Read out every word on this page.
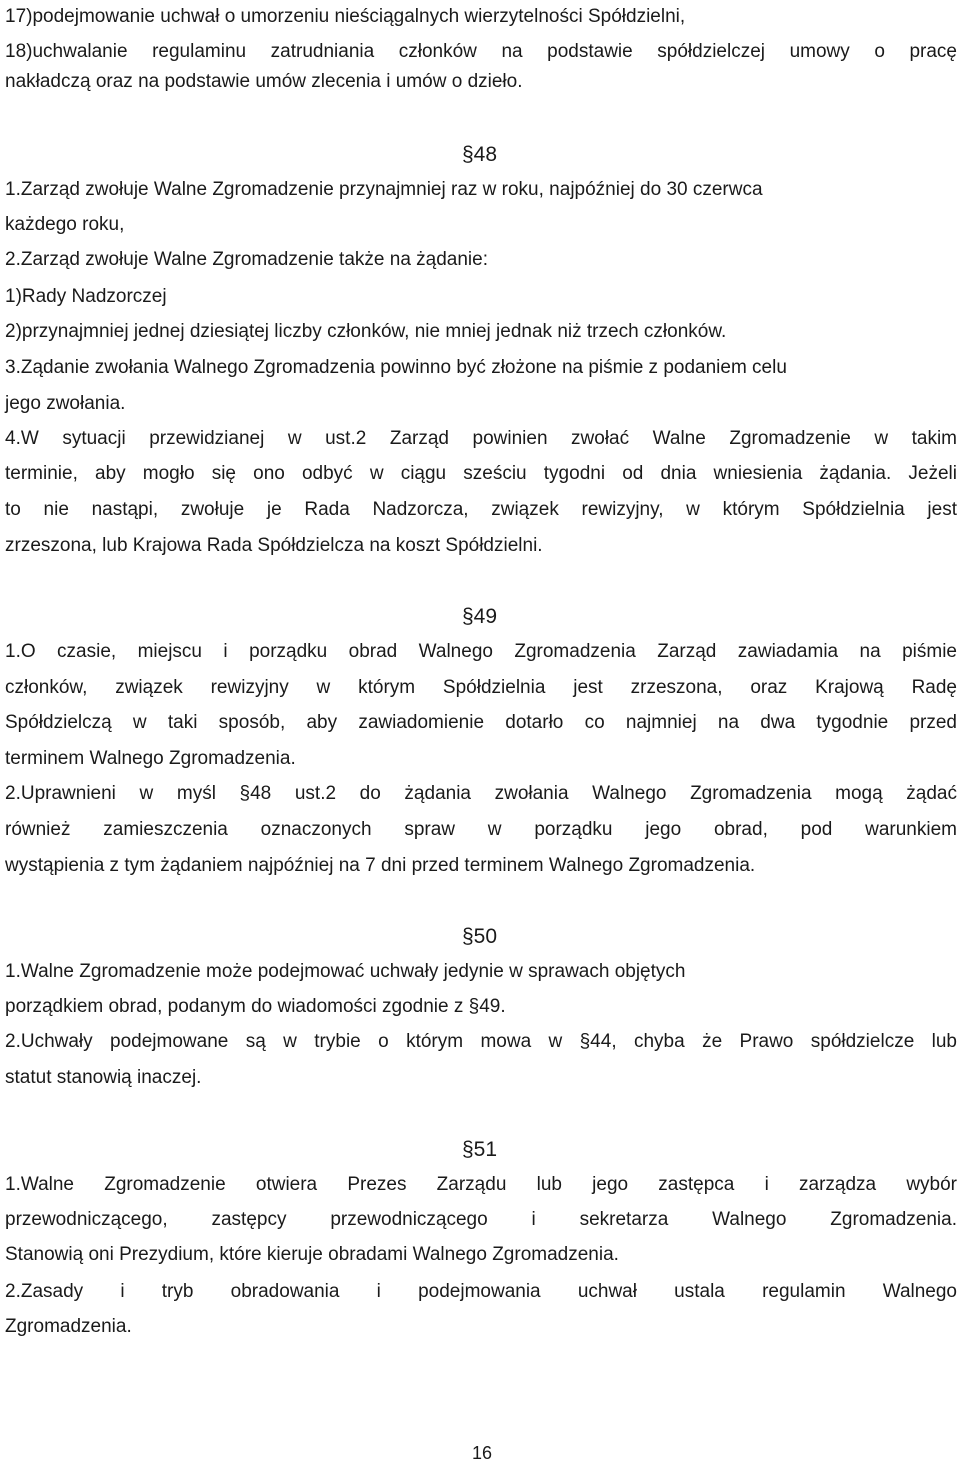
17)podejmowanie uchwał o umorzeniu nieściągalnych wierzytelności Spółdzielni,
18)uchwalanie regulaminu zatrudniania członków na podstawie spółdzielczej umowy o pracę
nakładczą oraz na podstawie umów zlecenia i umów o dzieło.
§48
1.Zarząd zwołuje Walne Zgromadzenie przynajmniej raz w roku, najpóźniej do 30 czerwca
każdego roku,
2.Zarząd zwołuje Walne Zgromadzenie także na żądanie:
1)Rady Nadzorczej
2)przynajmniej jednej dziesiątej liczby członków, nie mniej jednak niż trzech członków.
3.Ządanie zwołania Walnego Zgromadzenia powinno być złożone na piśmie z podaniem celu
jego zwołania.
4.W sytuacji przewidzianej w ust.2 Zarząd powinien zwołać Walne Zgromadzenie w takim
terminie, aby mogło się ono odbyć w ciągu sześciu tygodni od dnia wniesienia żądania. Jeżeli
to nie nastąpi, zwołuje je Rada Nadzorcza, związek rewizyjny, w którym Spółdzielnia jest
zrzeszona, lub Krajowa Rada Spółdzielcza na koszt Spółdzielni.
§49
1.O czasie, miejscu i porządku obrad Walnego Zgromadzenia Zarząd zawiadamia na piśmie
członków, związek rewizyjny w którym Spółdzielnia jest zrzeszona, oraz Krajową Radę
Spółdzielczą w taki sposób, aby zawiadomienie dotarło co najmniej na dwa tygodnie przed
terminem Walnego Zgromadzenia.
2.Uprawnieni w myśl §48 ust.2 do żądania zwołania Walnego Zgromadzenia mogą żądać
również zamieszczenia oznaczonych spraw w porządku jego obrad, pod warunkiem
wystąpienia z tym żądaniem najpóźniej na 7 dni przed terminem Walnego Zgromadzenia.
§50
1.Walne Zgromadzenie może podejmować uchwały jedynie w sprawach objętych
porządkiem obrad, podanym do wiadomości zgodnie z §49.
2.Uchwały podejmowane są w trybie o którym mowa w §44, chyba że Prawo spółdzielcze lub
statut stanowią inaczej.
§51
1.Walne Zgromadzenie otwiera Prezes Zarządu lub jego zastępca i zarządza wybór
przewodniczącego, zastępcy przewodniczącego i sekretarza Walnego Zgromadzenia.
Stanowią oni Prezydium, które kieruje obradami Walnego Zgromadzenia.
2.Zasady i tryb obradowania i podejmowania uchwał ustala regulamin Walnego
Zgromadzenia.
16
